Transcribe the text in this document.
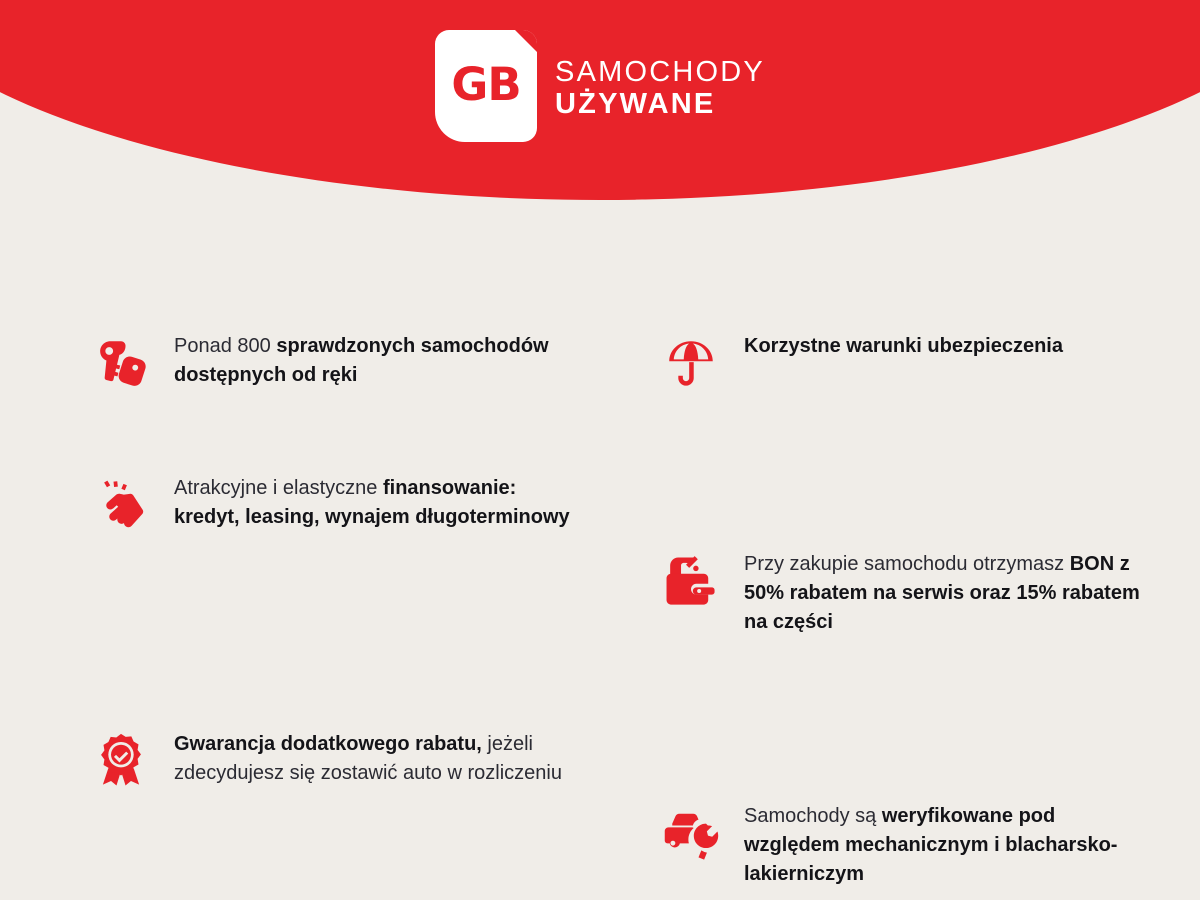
GB SAMOCHODY
UŻYWANE
Ponad 800 sprawdzonych samochodów dostępnych od ręki
Korzystne warunki ubezpieczenia
Atrakcyjne i elastyczne finansowanie: kredyt, leasing, wynajem długoterminowy
Przy zakupie samochodu otrzymasz BON z 50% rabatem na serwis oraz 15% rabatem na części
Gwarancja dodatkowego rabatu, jeżeli zdecydujesz się zostawić auto w rozliczeniu
Samochody są weryfikowane pod względem mechanicznym i blacharsko-lakierniczym
